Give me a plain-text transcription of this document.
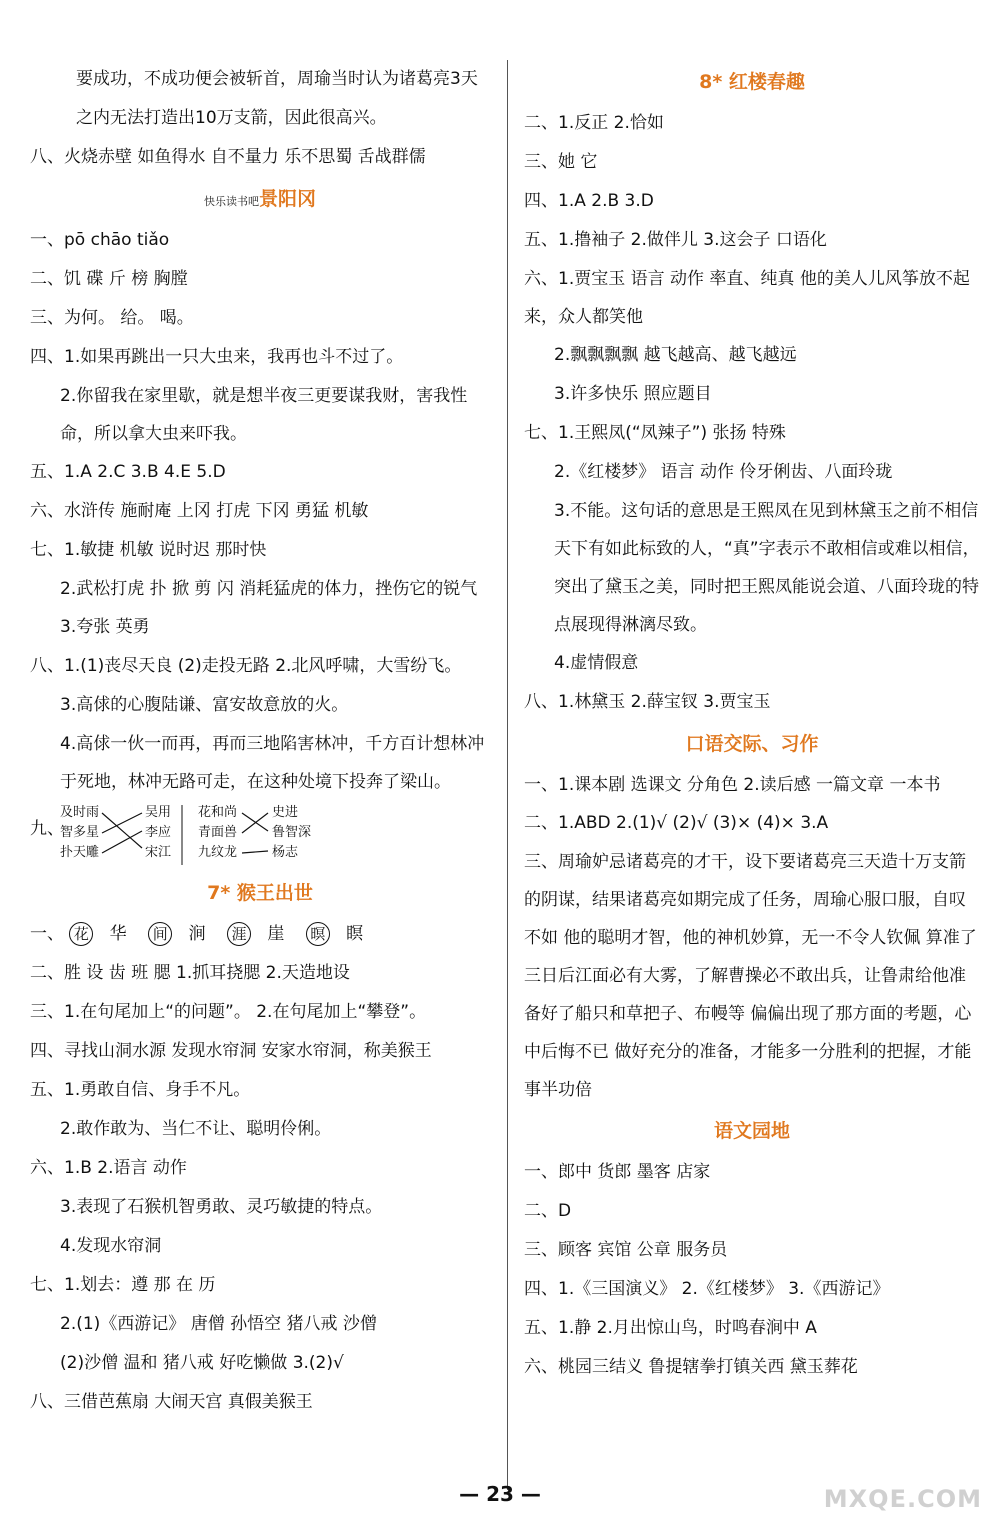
要成功，不成功便会被斩首，周瑜当时认为诸葛亮3天
之内无法打造出10万支箭，因此很高兴。
八、火烧赤壁 如鱼得水 自不量力 乐不思蜀 舌战群儒
快乐读书吧景阳冈
一、pō chāo tiǎo
二、饥 碟 斤 榜 胸膛
三、为何。 给。 喝。
四、1.如果再跳出一只大虫来，我再也斗不过了。
2.你留我在家里歇，就是想半夜三更要谋我财，害我性命，所以拿大虫来吓我。
五、1.A 2.C 3.B 4.E 5.D
六、水浒传 施耐庵 上冈 打虎 下冈 勇猛 机敏
七、1.敏捷 机敏 说时迟 那时快
2.武松打虎 扑 掀 剪 闪 消耗猛虎的体力，挫伤它的锐气
3.夸张 英勇
八、1.(1)丧尽天良 (2)走投无路 2.北风呼啸，大雪纷飞。
3.高俅的心腹陆谦、富安故意放的火。
4.高俅一伙一而再，再而三地陷害林冲，千方百计想林冲于死地，林冲无路可走，在这种处境下投奔了梁山。
九、
及时雨
智多星
扑天雕
吴用
李应
宋江
花和尚
青面兽
九纹龙
史进
鲁智深
杨志
7* 猴王出世
一、 花 华 间 涧 涯 崖 暝 瞑
二、胜 设 齿 班 腮 1.抓耳挠腮 2.天造地设
三、1.在句尾加上“的问题”。 2.在句尾加上“攀登”。
四、寻找山洞水源 发现水帘洞 安家水帘洞，称美猴王
五、1.勇敢自信、身手不凡。
2.敢作敢为、当仁不让、聪明伶俐。
六、1.B 2.语言 动作
3.表现了石猴机智勇敢、灵巧敏捷的特点。
4.发现水帘洞
七、1.划去：遵 那 在 历
2.(1)《西游记》 唐僧 孙悟空 猪八戒 沙僧
(2)沙僧 温和 猪八戒 好吃懒做 3.(2)√
八、三借芭蕉扇 大闹天宫 真假美猴王
8* 红楼春趣
二、1.反正 2.恰如
三、她 它
四、1.A 2.B 3.D
五、1.撸袖子 2.做伴儿 3.这会子 口语化
六、1.贾宝玉 语言 动作 率直、纯真 他的美人儿风筝放不起来，众人都笑他
2.飘飘飘飘 越飞越高、越飞越远
3.许多快乐 照应题目
七、1.王熙凤(“凤辣子”) 张扬 特殊
2.《红楼梦》 语言 动作 伶牙俐齿、八面玲珑
3.不能。这句话的意思是王熙凤在见到林黛玉之前不相信天下有如此标致的人，“真”字表示不敢相信或难以相信，突出了黛玉之美，同时把王熙凤能说会道、八面玲珑的特点展现得淋漓尽致。
4.虚情假意
八、1.林黛玉 2.薛宝钗 3.贾宝玉
口语交际、习作
一、1.课本剧 选课文 分角色 2.读后感 一篇文章 一本书
二、1.ABD 2.(1)√ (2)√ (3)× (4)× 3.A
三、周瑜妒忌诸葛亮的才干，设下要诸葛亮三天造十万支箭的阴谋，结果诸葛亮如期完成了任务，周瑜心服口服，自叹不如 他的聪明才智，他的神机妙算，无一不令人钦佩 算准了三日后江面必有大雾，了解曹操必不敢出兵，让鲁肃给他准备好了船只和草把子、布幔等 偏偏出现了那方面的考题，心中后悔不已 做好充分的准备，才能多一分胜利的把握，才能事半功倍
语文园地
一、郎中 货郎 墨客 店家
二、D
三、顾客 宾馆 公章 服务员
四、1.《三国演义》 2.《红楼梦》 3.《西游记》
五、1.静 2.月出惊山鸟，时鸣春涧中 A
六、桃园三结义 鲁提辖拳打镇关西 黛玉葬花
— 23 —	MXQE.COM
